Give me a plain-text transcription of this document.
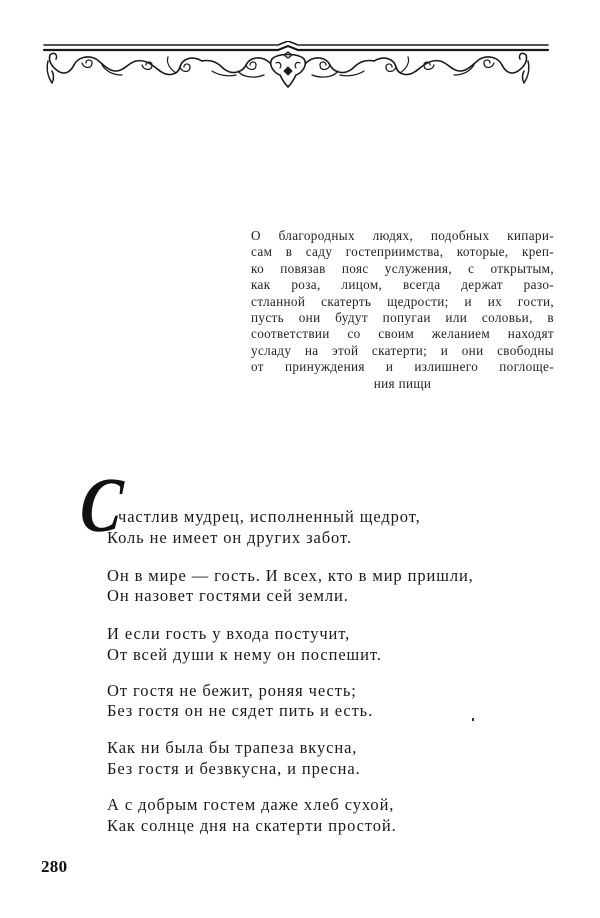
О благородных людях, подобных кипари-
сам в саду гостеприимства, которые, креп-
ко повязав пояс услужения, с открытым,
как роза, лицом, всегда держат разо-
стланной скатерть щедрости; и их гости,
пусть они будут попугаи или соловьи, в
соответствии со своим желанием находят
усладу на этой скатерти; и они свободны
от принуждения и излишнего поглоще-
ния пищи
С
частлив мудрец, исполненный щедрот,
Коль не имеет он других забот.
Он в мире — гость. И всех, кто в мир пришли,
Он назовет гостями сей земли.
И если гость у входа постучит,
От всей души к нему он поспешит.
От гостя не бежит, роняя честь;
Без гостя он не сядет пить и есть.
Как ни была бы трапеза вкусна,
Без гостя и безвкусна, и пресна.
А с добрым гостем даже хлеб сухой,
Как солнце дня на скатерти простой.
280
